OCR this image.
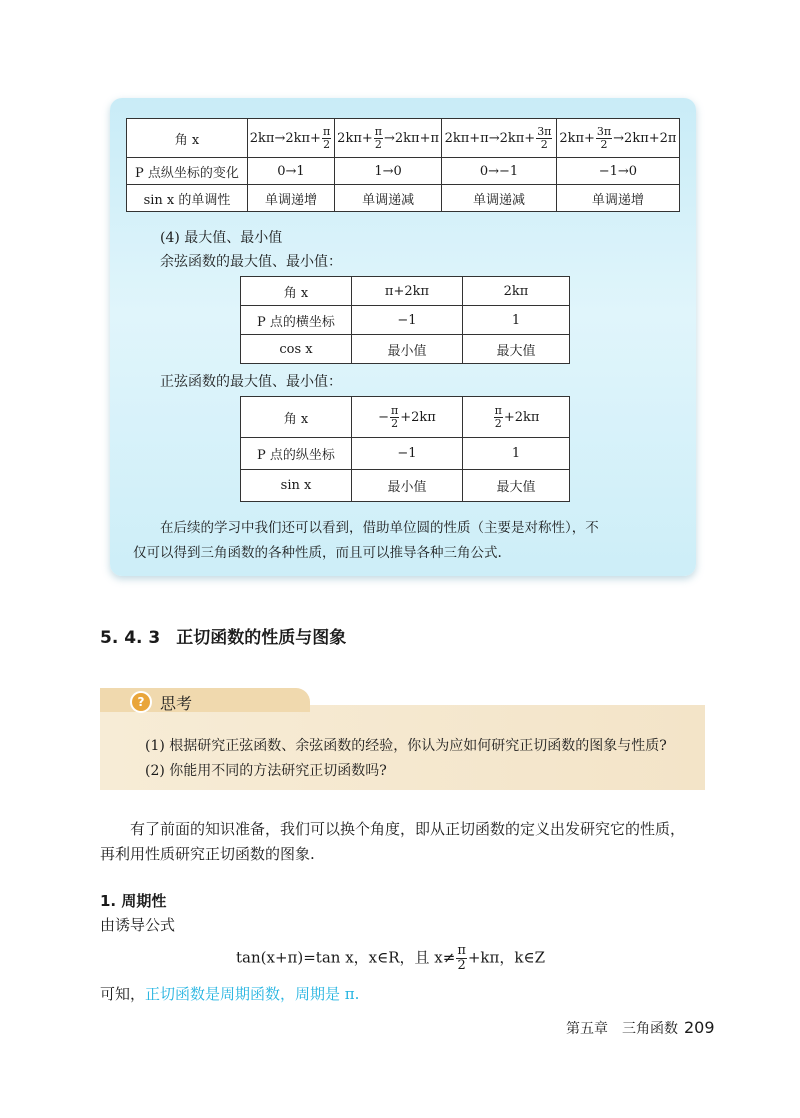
角 x	$2k\pi\to 2k\pi+ \frac{\pi}{2}$	$2k\pi+ \frac{\pi}{2} \to 2k\pi+\pi$	$2k\pi+\pi\to 2k\pi+ \frac{3\pi}{2}$	$2k\pi+ \frac{3\pi}{2} \to 2k\pi+2\pi$
P 点纵坐标的变化	0→1	1→0	0→−1	−1→0
sin x 的单调性	单调递增	单调递减	单调递减	单调递增
(4) 最大值、最小值
余弦函数的最大值、最小值：
角 x	π+2kπ	2kπ
P 点的横坐标	−1	1
cos x	最小值	最大值
正弦函数的最大值、最小值：
角 x	− $\frac{\pi}{2} +2k\pi$	$\frac{\pi}{2} +2k\pi$
P 点的纵坐标	−1	1
sin x	最小值	最大值
在后续的学习中我们还可以看到，借助单位圆的性质（主要是对称性），不
仅可以得到三角函数的各种性质，而且可以推导各种三角公式.
5. 4. 3 正切函数的性质与图象
? 思考
(1) 根据研究正弦函数、余弦函数的经验，你认为应如何研究正切函数的图象与性质?
(2) 你能用不同的方法研究正切函数吗?
有了前面的知识准备，我们可以换个角度，即从正切函数的定义出发研究它的性质，
再利用性质研究正切函数的图象.
1. 周期性
由诱导公式
tan(x+π)=tan x，x∈R，且 $x\ne \frac{\pi}{2} +k\pi$，k∈Z
可知，正切函数是周期函数，周期是 π.
第五章　三角函数 209
